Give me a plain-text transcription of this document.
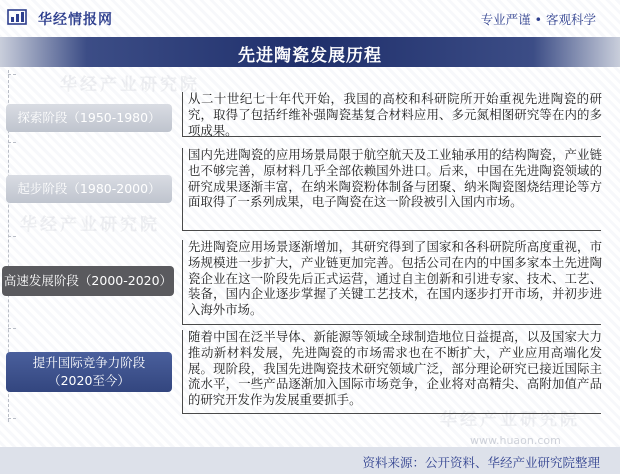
华经情报网	专业严谨 • 客观科学
先进陶瓷发展历程
华经产业研究院
华经产业研究院
华经产业研究院
探索阶段（1950-1980）
从二十世纪七十年代开始，我国的高校和科研院所开始重视先进陶瓷的研究，取得了包括纤维补强陶瓷基复合材料应用、多元氮相图研究等在内的多项成果。
起步阶段（1980-2000）
国内先进陶瓷的应用场景局限于航空航天及工业轴承用的结构陶瓷，产业链也不够完善，原材料几乎全部依赖国外进口。后来，中国在先进陶瓷领域的研究成果逐渐丰富，在纳米陶瓷粉体制备与团聚、纳米陶瓷图烧结理论等方面取得了一系列成果，电子陶瓷在这一阶段被引入国内市场。
高速发展阶段（2000-2020）
先进陶瓷应用场景逐渐增加，其研究得到了国家和各科研院所高度重视，市场规模进一步扩大，产业链更加完善。包括公司在内的中国多家本土先进陶瓷企业在这一阶段先后正式运营，通过自主创新和引进专家、技术、工艺、装备，国内企业逐步掌握了关键工艺技术，在国内逐步打开市场，并初步进入海外市场。
提升国际竞争力阶段
（2020至今）
随着中国在泛半导体、新能源等领域全球制造地位日益提高，以及国家大力推动新材料发展，先进陶瓷的市场需求也在不断扩大，产业应用高端化发展。现阶段，我国先进陶瓷技术研究领域广泛，部分理论研究已接近国际主流水平，一些产品逐渐加入国际市场竞争，企业将对高精尖、高附加值产品的研究开发作为发展重要抓手。
www.huaon.com
资料来源：公开资料、华经产业研究院整理
